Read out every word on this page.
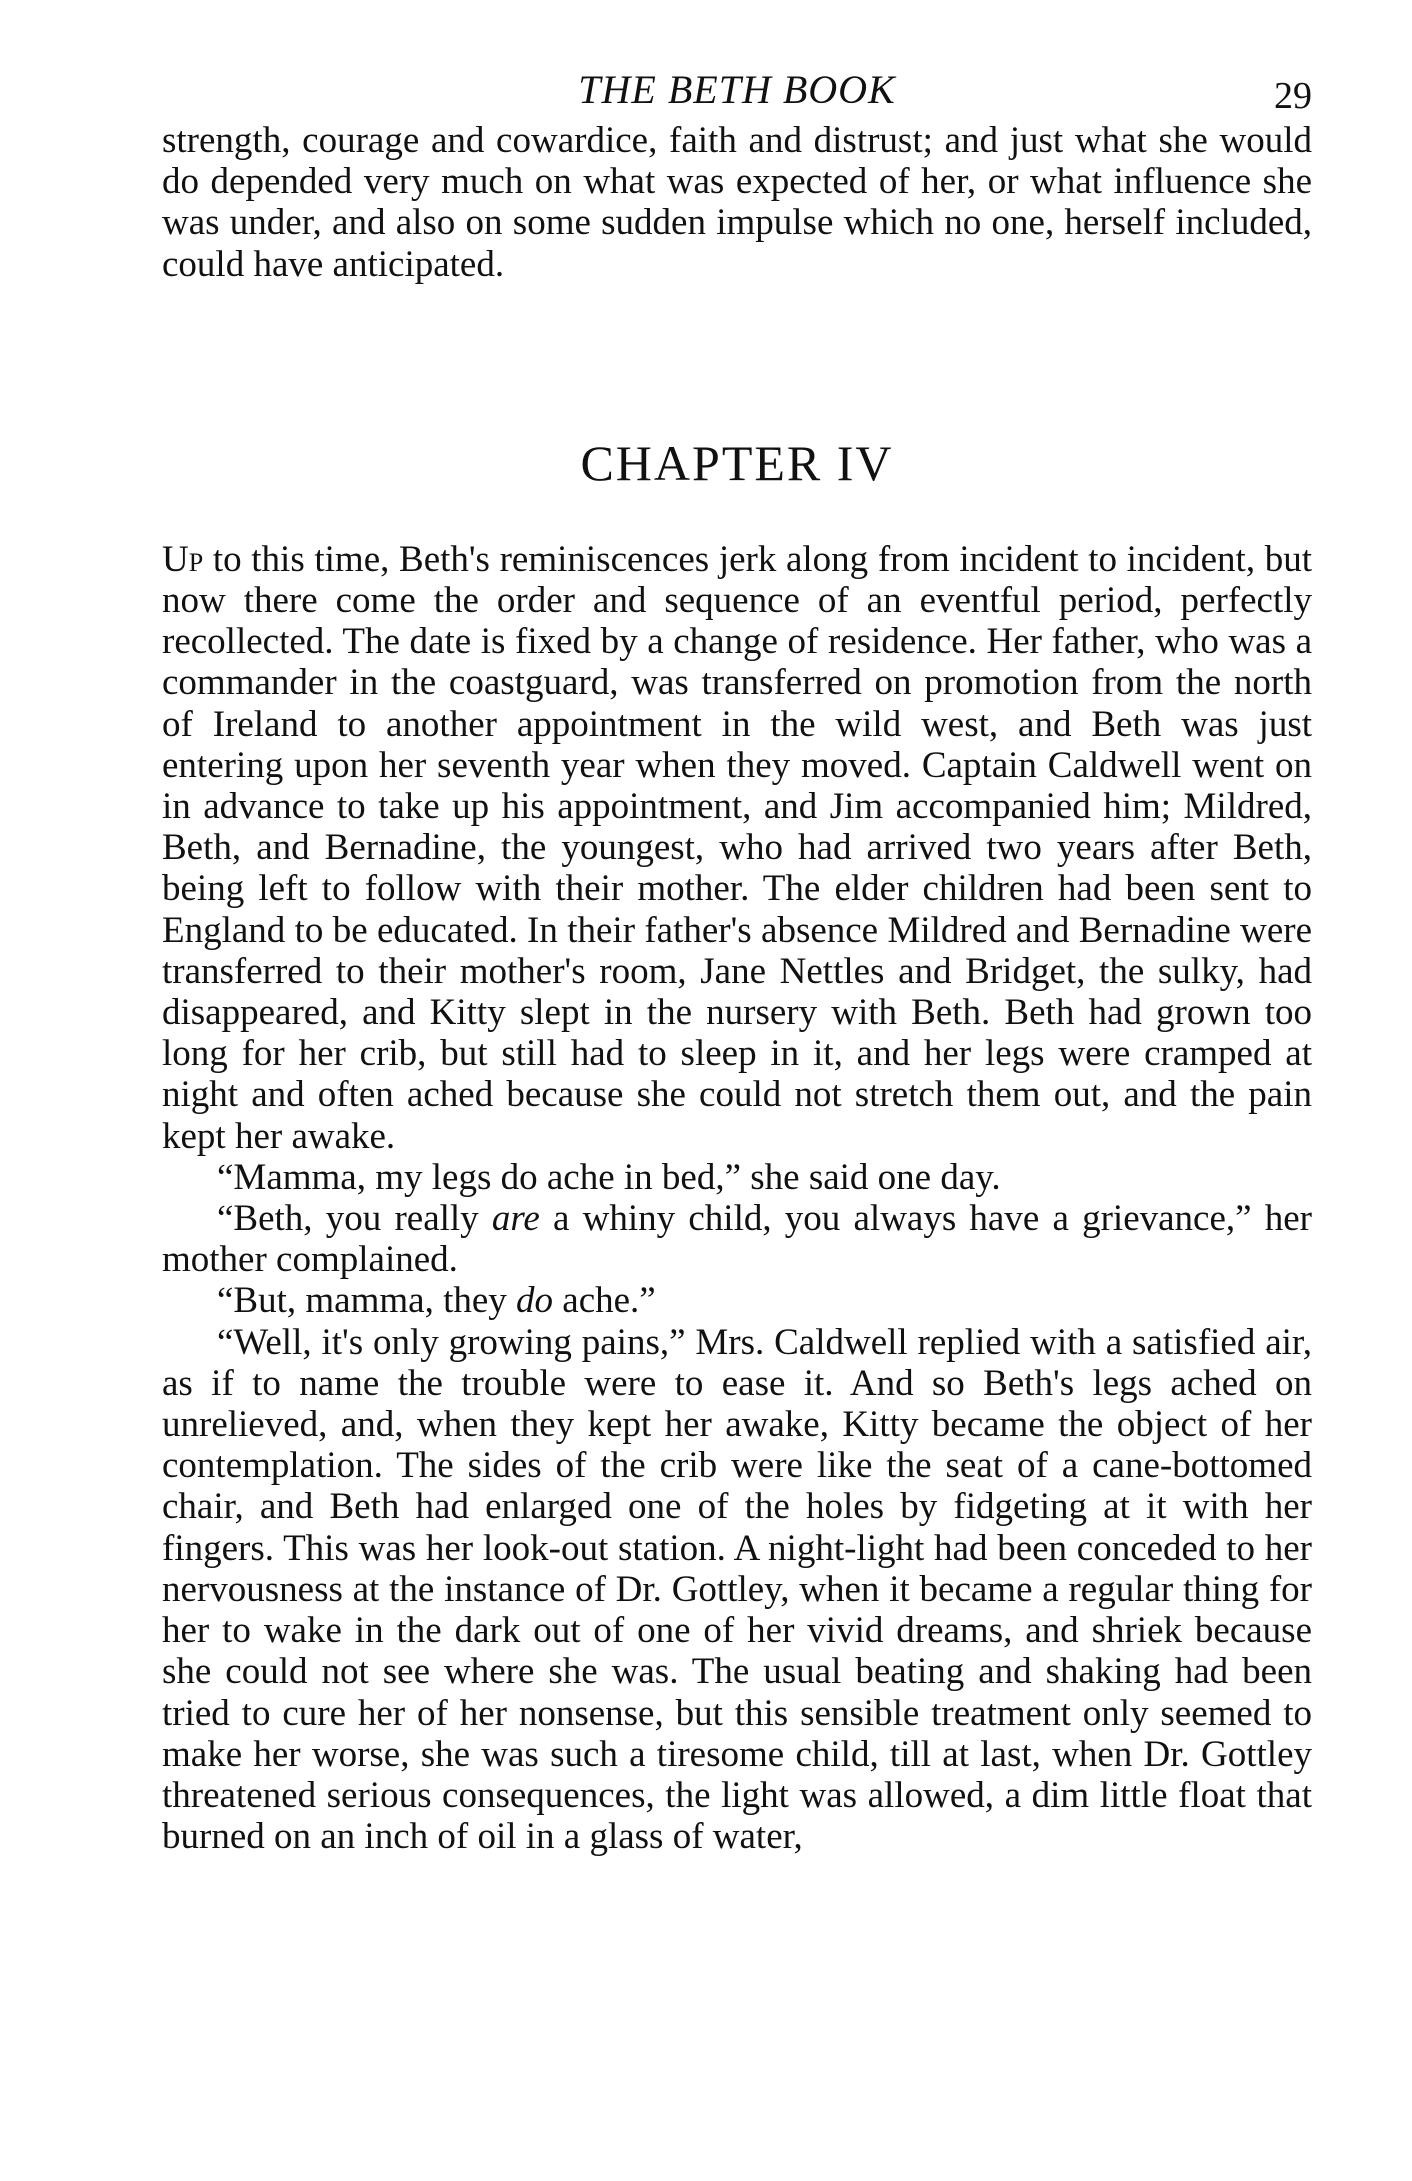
THE BETH BOOK	29

strength, courage and cowardice, faith and distrust; and just what she would do depended very much on what was expected of her, or what influence she was under, and also on some sudden impulse which no one, herself included, could have anticipated.

CHAPTER IV

Up to this time, Beth's reminiscences jerk along from incident to incident, but now there come the order and sequence of an eventful period, perfectly recollected. The date is fixed by a change of residence. Her father, who was a commander in the coastguard, was transferred on promotion from the north of Ireland to another appointment in the wild west, and Beth was just entering upon her seventh year when they moved. Captain Caldwell went on in advance to take up his appointment, and Jim accompanied him; Mildred, Beth, and Bernadine, the youngest, who had arrived two years after Beth, being left to follow with their mother. The elder children had been sent to England to be educated. In their father's absence Mildred and Bernadine were transferred to their mother's room, Jane Nettles and Bridget, the sulky, had disappeared, and Kitty slept in the nursery with Beth. Beth had grown too long for her crib, but still had to sleep in it, and her legs were cramped at night and often ached because she could not stretch them out, and the pain kept her awake.

“Mamma, my legs do ache in bed,” she said one day.

“Beth, you really are a whiny child, you always have a grievance,” her mother complained.

“But, mamma, they do ache.”

“Well, it's only growing pains,” Mrs. Caldwell replied with a satisfied air, as if to name the trouble were to ease it. And so Beth's legs ached on unrelieved, and, when they kept her awake, Kitty became the object of her contemplation. The sides of the crib were like the seat of a cane-bottomed chair, and Beth had enlarged one of the holes by fidgeting at it with her fingers. This was her look-out station. A night-light had been conceded to her nervousness at the instance of Dr. Gottley, when it became a regular thing for her to wake in the dark out of one of her vivid dreams, and shriek because she could not see where she was. The usual beating and shaking had been tried to cure her of her nonsense, but this sensible treatment only seemed to make her worse, she was such a tiresome child, till at last, when Dr. Gottley threatened serious consequences, the light was allowed, a dim little float that burned on an inch of oil in a glass of water,
